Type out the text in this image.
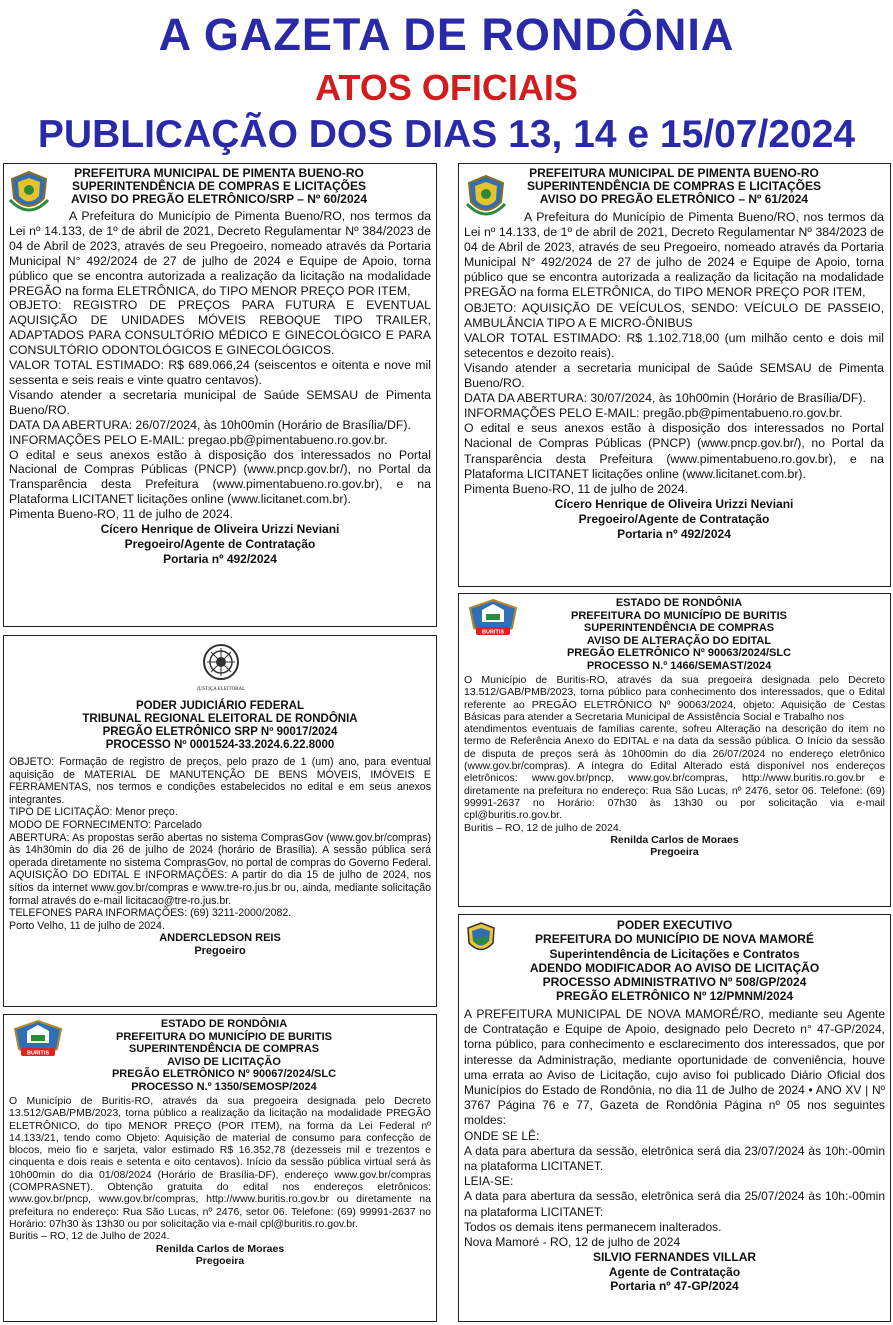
A GAZETA DE RONDÔNIA
ATOS OFICIAIS
PUBLICAÇÃO DOS DIAS 13, 14 e 15/07/2024
PREFEITURA MUNICIPAL DE PIMENTA BUENO-RO
SUPERINTENDÊNCIA DE COMPRAS E LICITAÇÕES
AVISO DO PREGÃO ELETRÔNICO/SRP – Nº 60/2024

A Prefeitura do Município de Pimenta Bueno/RO, nos termos da Lei nº 14.133, de 1º de abril de 2021, Decreto Regulamentar Nº 384/2023 de 04 de Abril de 2023, através de seu Pregoeiro, nomeado através da Portaria Municipal N° 492/2024 de 27 de julho de 2024 e Equipe de Apoio, torna público que se encontra autorizada a realização da licitação na modalidade PREGÃO na forma ELETRÔNICA, do TIPO MENOR PREÇO POR ITEM,

OBJETO: REGISTRO DE PREÇOS PARA FUTURA E EVENTUAL AQUISIÇÃO DE UNIDADES MÓVEIS REBOQUE TIPO TRAILER, ADAPTADOS PARA CONSULTÓRIO MÉDICO E GINECOLÓGICO E PARA CONSULTÓRIO ODONTOLÓGICOS E GINECOLÓGICOS.

VALOR TOTAL ESTIMADO: R$ 689.066,24 (seiscentos e oitenta e nove mil sessenta e seis reais e vinte quatro centavos).

Visando atender a secretaria municipal de Saúde SEMSAU de Pimenta Bueno/RO.

DATA DA ABERTURA: 26/07/2024, às 10h00min (Horário de Brasília/DF).

INFORMAÇÕES PELO E-MAIL: pregao.pb@pimentabueno.ro.gov.br.

O edital e seus anexos estão à disposição dos interessados no Portal Nacional de Compras Públicas (PNCP) (www.pncp.gov.br/), no Portal da Transparência desta Prefeitura (www.pimentabueno.ro.gov.br), e na Plataforma LICITANET licitações online (www.licitanet.com.br).

Pimenta Bueno-RO, 11 de julho de 2024.

Cícero Henrique de Oliveira Urizzi Neviani
Pregoeiro/Agente de Contratação
Portaria nº 492/2024
PREFEITURA MUNICIPAL DE PIMENTA BUENO-RO
SUPERINTENDÊNCIA DE COMPRAS E LICITAÇÕES
AVISO DO PREGÃO ELETRÔNICO – Nº 61/2024

A Prefeitura do Município de Pimenta Bueno/RO, nos termos da Lei nº 14.133, de 1º de abril de 2021, Decreto Regulamentar Nº 384/2023 de 04 de Abril de 2023, através de seu Pregoeiro, nomeado através da Portaria Municipal N° 492/2024 de 27 de julho de 2024 e Equipe de Apoio, torna público que se encontra autorizada a realização da licitação na modalidade PREGÃO na forma ELETRÔNICA, do TIPO MENOR PREÇO POR ITEM,

OBJETO: AQUISIÇÃO DE VEÍCULOS, SENDO: VEÍCULO DE PASSEIO, AMBULÂNCIA TIPO A E MICRO-ÔNIBUS

VALOR TOTAL ESTIMADO: R$ 1.102.718,00 (um milhão cento e dois mil setecentos e dezoito reais).

Visando atender a secretaria municipal de Saúde SEMSAU de Pimenta Bueno/RO.

DATA DA ABERTURA: 30/07/2024, às 10h00min (Horário de Brasília/DF).

INFORMAÇÕES PELO E-MAIL: pregão.pb@pimentabueno.ro.gov.br.

O edital e seus anexos estão à disposição dos interessados no Portal Nacional de Compras Públicas (PNCP) (www.pncp.gov.br/), no Portal da Transparência desta Prefeitura (www.pimentabueno.ro.gov.br), e na Plataforma LICITANET licitações online (www.licitanet.com.br).

Pimenta Bueno-RO, 11 de julho de 2024.

Cícero Henrique de Oliveira Urizzi Neviani
Pregoeiro/Agente de Contratação
Portaria nº 492/2024
JUSTIÇA ELEITORAL
PODER JUDICIÁRIO FEDERAL
TRIBUNAL REGIONAL ELEITORAL DE RONDÔNIA
PREGÃO ELETRÔNICO SRP Nº 90017/2024
PROCESSO Nº 0001524-33.2024.6.22.8000

OBJETO: Formação de registro de preços, pelo prazo de 1 (um) ano, para eventual aquisição de MATERIAL DE MANUTENÇÃO DE BENS MÓVEIS, IMÓVEIS E FERRAMENTAS, nos termos e condições estabelecidos no edital e em seus anexos integrantes.

TIPO DE LICITAÇÃO: Menor preço.

MODO DE FORNECIMENTO: Parcelado

ABERTURA: As propostas serão abertas no sistema ComprasGov (www.gov.br/compras) às 14h30min do dia 26 de julho de 2024 (horário de Brasília). A sessão pública será operada diretamente no sistema ComprasGov, no portal de compras do Governo Federal.

AQUISIÇÃO DO EDITAL E INFORMAÇÕES: A partir do dia 15 de julho de 2024, nos sítios da internet www.gov.br/compras e www.tre-ro.jus.br ou, ainda, mediante solicitação formal através do e-mail licitacao@tre-ro.jus.br.

TELEFONES PARA INFORMAÇÕES: (69) 3211-2000/2082.

Porto Velho, 11 de julho de 2024.

ANDERCLEDSON REIS
Pregoeiro
BURITIS
ESTADO DE RONDÔNIA
PREFEITURA DO MUNICÍPIO DE BURITIS
SUPERINTENDÊNCIA DE COMPRAS
AVISO DE ALTERAÇÃO DO EDITAL
PREGÃO ELETRÔNICO Nº 90063/2024/SLC
PROCESSO N.º 1466/SEMAST/2024

O Município de Buritis-RO, através da sua pregoeira designada pelo Decreto 13.512/GAB/PMB/2023, torna público para conhecimento dos interessados, que o Edital referente ao PREGÃO ELETRÔNICO Nº 90063/2024, objeto: Aquisição de Cestas Básicas para atender a Secretaria Municipal de Assistência Social e Trabalho nos

atendimentos eventuais de famílias carente, sofreu Alteração na descrição do item no termo de Referência Anexo do EDITAL e na data da sessão pública. O Início da sessão de disputa de preços será às 10h00min do dia 26/07/2024 no endereço eletrônico (www.gov.br/compras). A íntegra do Edital Alterado está disponível nos endereços eletrônicos: www.gov.br/pncp, www.gov.br/compras, http://www.buritis.ro.gov.br e diretamente na prefeitura no endereço: Rua São Lucas, nº 2476, setor 06. Telefone: (69) 99991-2637 no Horário: 07h30 às 13h30 ou por solicitação via e-mail cpl@buritis.ro.gov.br.

Buritis – RO, 12 de julho de 2024.

Renilda Carlos de Moraes
Pregoeira
BURITIS
ESTADO DE RONDÔNIA
PREFEITURA DO MUNICÍPIO DE BURITIS
SUPERINTENDÊNCIA DE COMPRAS
AVISO DE LICITAÇÃO
PREGÃO ELETRÔNICO Nº 90067/2024/SLC
PROCESSO N.º 1350/SEMOSP/2024

O Município de Buritis-RO, através da sua pregoeira designada pelo Decreto 13.512/GAB/PMB/2023, torna público a realização da licitação na modalidade PREGÃO ELETRÔNICO, do tipo MENOR PREÇO (POR ITEM), na forma da Lei Federal nº 14.133/21, tendo como Objeto: Aquisição de material de consumo para confecção de blocos, meio fio e sarjeta, valor estimado R$ 16.352,78 (dezesseis mil e trezentos e cinquenta e dois reais e setenta e oito centavos). Início da sessão pública virtual será às 10h00min do dia 01/08/2024 (Horário de Brasília-DF), endereço www.gov.br/compras (COMPRASNET). Obtenção gratuita do edital nos endereços eletrônicos: www.gov.br/pncp, www.gov.br/compras, http://www.buritis.ro.gov.br ou diretamente na prefeitura no endereço: Rua São Lucas, nº 2476, setor 06. Telefone: (69) 99991-2637 no Horário: 07h30 às 13h30 ou por solicitação via e-mail cpl@buritis.ro.gov.br.

Buritis – RO, 12 de Julho de 2024.

Renilda Carlos de Moraes
Pregoeira
PODER EXECUTIVO
PREFEITURA DO MUNICÍPIO DE NOVA MAMORÉ
Superintendência de Licitações e Contratos
ADENDO MODIFICADOR AO AVISO DE LICITAÇÃO
PROCESSO ADMINISTRATIVO Nº 508/GP/2024
PREGÃO ELETRÔNICO Nº 12/PMNM/2024

A PREFEITURA MUNICIPAL DE NOVA MAMORÉ/RO, mediante seu Agente de Contratação e Equipe de Apoio, designado pelo Decreto n° 47-GP/2024, torna público, para conhecimento e esclarecimento dos interessados, que por interesse da Administração, mediante oportunidade de conveniência, houve uma errata ao Aviso de Licitação, cujo aviso foi publicado Diário Oficial dos Municípios do Estado de Rondônia, no dia 11 de Julho de 2024 • ANO XV | Nº 3767 Página 76 e 77, Gazeta de Rondônia Página nº 05 nos seguintes moldes:

ONDE SE LÊ:

A data para abertura da sessão, eletrônica será dia 23/07/2024 às 10h:-00min na plataforma LICITANET.

LEIA-SE:

A data para abertura da sessão, eletrônica será dia 25/07/2024 às 10h:-00min na plataforma LICITANET:

Todos os demais itens permanecem inalterados.

Nova Mamoré - RO, 12 de julho de 2024

SILVIO FERNANDES VILLAR
Agente de Contratação
Portaria nº 47-GP/2024
